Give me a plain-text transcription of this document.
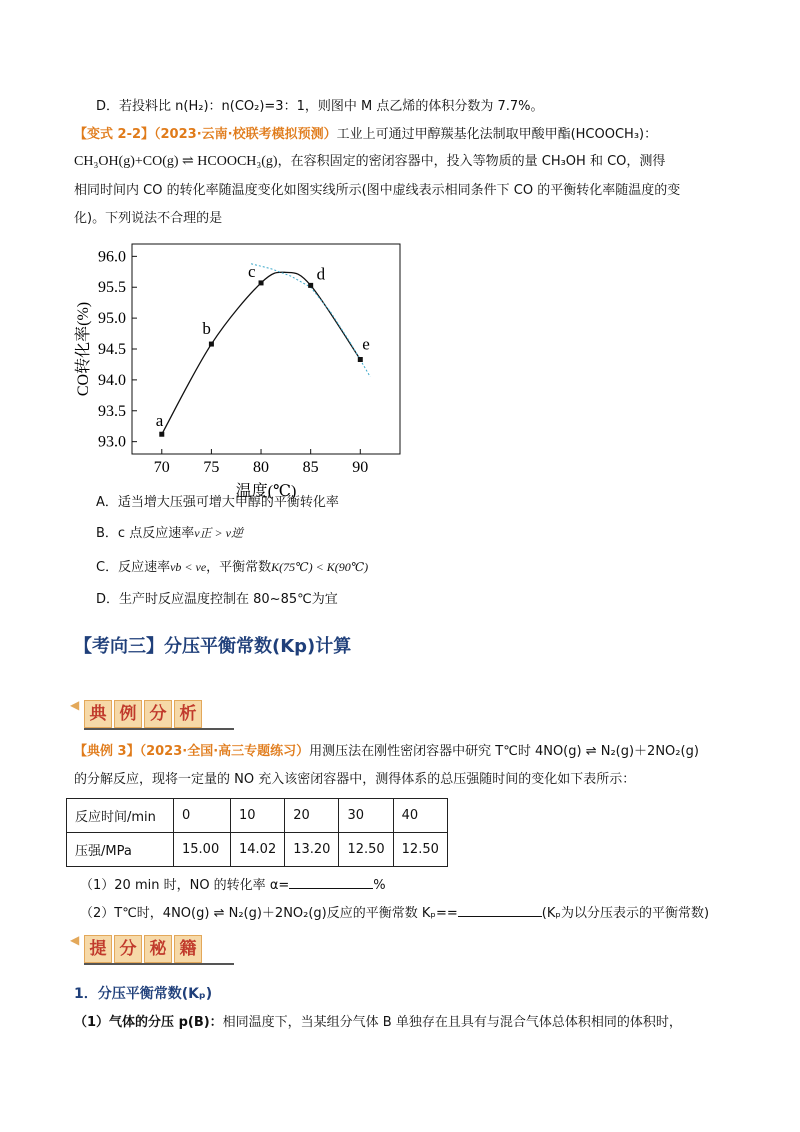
D．若投料比 n(H₂)：n(CO₂)=3：1，则图中 M 点乙烯的体积分数为 7.7%。
【变式 2-2】（2023·云南·校联考模拟预测）工业上可通过甲醇羰基化法制取甲酸甲酯(HCOOCH₃)：
CH₃OH(g)+CO(g) ⇌ HCOOCH₃(g)，在容积固定的密闭容器中，投入等物质的量 CH₃OH 和 CO，测得
相同时间内 CO 的转化率随温度变化如图实线所示(图中虚线表示相同条件下 CO 的平衡转化率随温度的变
化)。下列说法不合理的是
70 75 80 85 90
93.0
93.5
94.0
94.5
95.0
95.5
96.0
温度(℃)
CO转化率(%)
a
b
c	d
e
A．适当增大压强可增大甲醇的平衡转化率
B．c 点反应速率v正 > v逆
C．反应速率vb < ve，平衡常数K(75℃) < K(90℃)
D．生产时反应温度控制在 80~85℃为宜
【考向三】分压平衡常数(Kp)计算
◀ 典 例 分 析
【典例 3】（2023·全国·高三专题练习）用测压法在刚性密闭容器中研究 T℃时 4NO(g) ⇌ N₂(g)＋2NO₂(g)
的分解反应，现将一定量的 NO 充入该密闭容器中，测得体系的总压强随时间的变化如下表所示：
反应时间/min	0	10	20	30	40
压强/MPa	15.00	14.02	13.20	12.50	12.50
（1）20 min 时，NO 的转化率 α=	%
（2）T℃时，4NO(g) ⇌ N₂(g)＋2NO₂(g)反应的平衡常数 Kₚ==	(Kₚ为以分压表示的平衡常数)
◀ 提 分 秘 籍
1．分压平衡常数(Kₚ)
（1）气体的分压 p(B)：相同温度下，当某组分气体 B 单独存在且具有与混合气体总体积相同的体积时，
